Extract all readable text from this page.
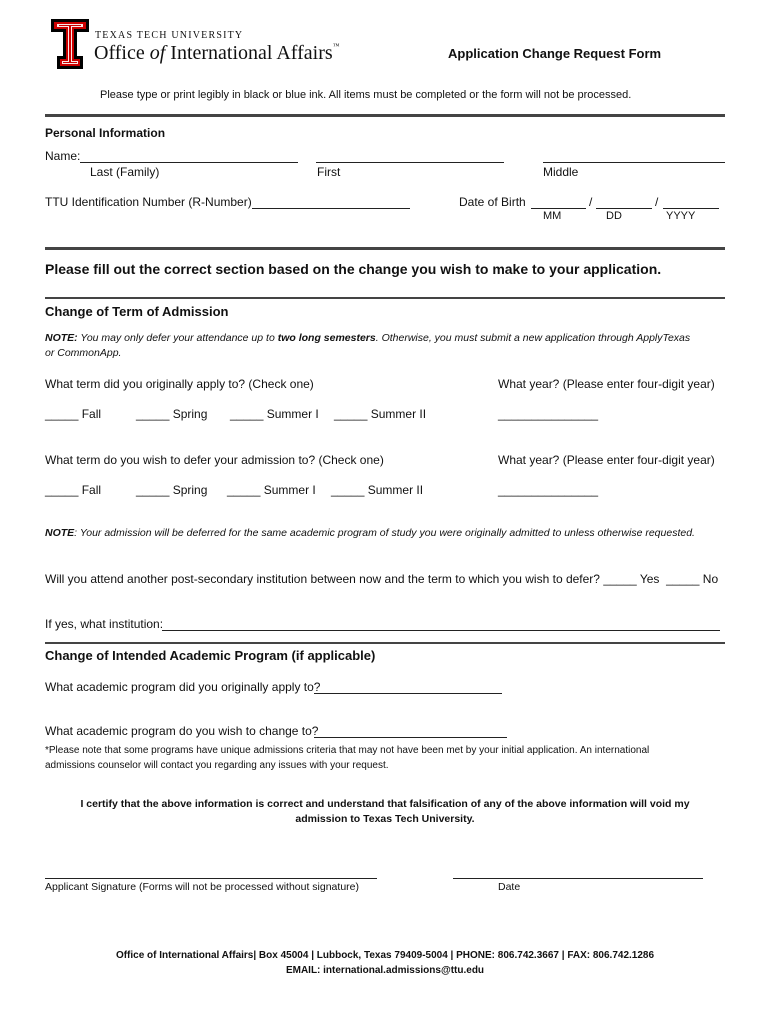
TEXAS TECH UNIVERSITY
Office of International Affairs™	Application Change Request Form
Please type or print legibly in black or blue ink. All items must be completed or the form will not be processed.
Personal Information
Name:
Last (Family)	First	Middle
TTU Identification Number (R-Number)	Date of Birth	/	/
MM	DD	YYYY
Please fill out the correct section based on the change you wish to make to your application.
Change of Term of Admission
NOTE: You may only defer your attendance up to two long semesters. Otherwise, you must submit a new application through ApplyTexas
or CommonApp.
What term did you originally apply to? (Check one)	What year? (Please enter four-digit year)
_____ Fall	_____ Spring _____ Summer I _____ Summer II	_______________
What term do you wish to defer your admission to? (Check one)	What year? (Please enter four-digit year)
_____ Fall	_____ Spring _____ Summer I _____ Summer II	_______________
NOTE: Your admission will be deferred for the same academic program of study you were originally admitted to unless otherwise requested.
Will you attend another post-secondary institution between now and the term to which you wish to defer? _____ Yes _____ No
If yes, what institution:
Change of Intended Academic Program (if applicable)
What academic program did you originally apply to?
What academic program do you wish to change to?
*Please note that some programs have unique admissions criteria that may not have been met by your initial application. An international
admissions counselor will contact you regarding any issues with your request.
I certify that the above information is correct and understand that falsification of any of the above information will void my
admission to Texas Tech University.
Applicant Signature (Forms will not be processed without signature)	Date
Office of International Affairs| Box 45004 | Lubbock, Texas 79409-5004 | PHONE: 806.742.3667 | FAX: 806.742.1286
EMAIL: international.admissions@ttu.edu
